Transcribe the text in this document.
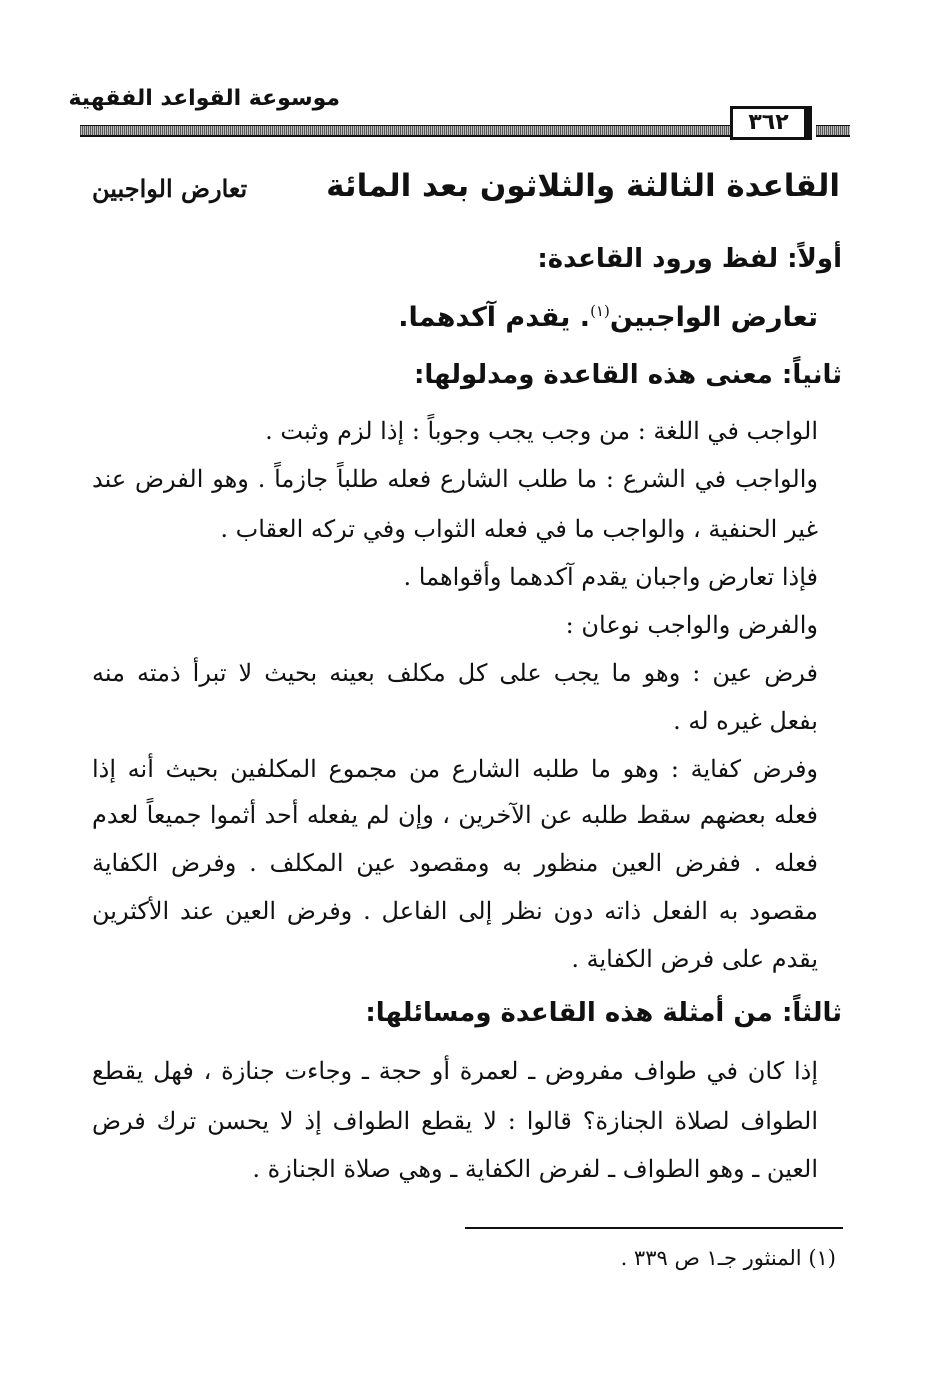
موسوعة القواعد الفقهية
٣٦٢
القاعدة الثالثة والثلاثون بعد المائة
تعارض الواجبين
أولاً: لفظ ورود القاعدة:
تعارض الواجبين$^{(١)}$. يقدم آكدهما.
ثانياً: معنى هذه القاعدة ومدلولها:
الواجب في اللغة : من وجب يجب وجوباً : إذا لزم وثبت .
والواجب في الشرع : ما طلب الشارع فعله طلباً جازماً . وهو الفرض عند
غير الحنفية ، والواجب ما في فعله الثواب وفي تركه العقاب .
فإذا تعارض واجبان يقدم آكدهما وأقواهما .
والفرض والواجب نوعان :
فرض عين : وهو ما يجب على كل مكلف بعينه بحيث لا تبرأ ذمته منه
بفعل غيره له .
وفرض كفاية : وهو ما طلبه الشارع من مجموع المكلفين بحيث أنه إذا
فعله بعضهم سقط طلبه عن الآخرين ، وإن لم يفعله أحد أثموا جميعاً لعدم
فعله . ففرض العين منظور به ومقصود عين المكلف . وفرض الكفاية
مقصود به الفعل ذاته دون نظر إلى الفاعل . وفرض العين عند الأكثرين
يقدم على فرض الكفاية .
ثالثاً: من أمثلة هذه القاعدة ومسائلها:
إذا كان في طواف مفروض ـ لعمرة أو حجة ـ وجاءت جنازة ، فهل يقطع
الطواف لصلاة الجنازة؟ قالوا : لا يقطع الطواف إذ لا يحسن ترك فرض
العين ـ وهو الطواف ـ لفرض الكفاية ـ وهي صلاة الجنازة .
(١) المنثور جـ١ ص ٣٣٩ .
